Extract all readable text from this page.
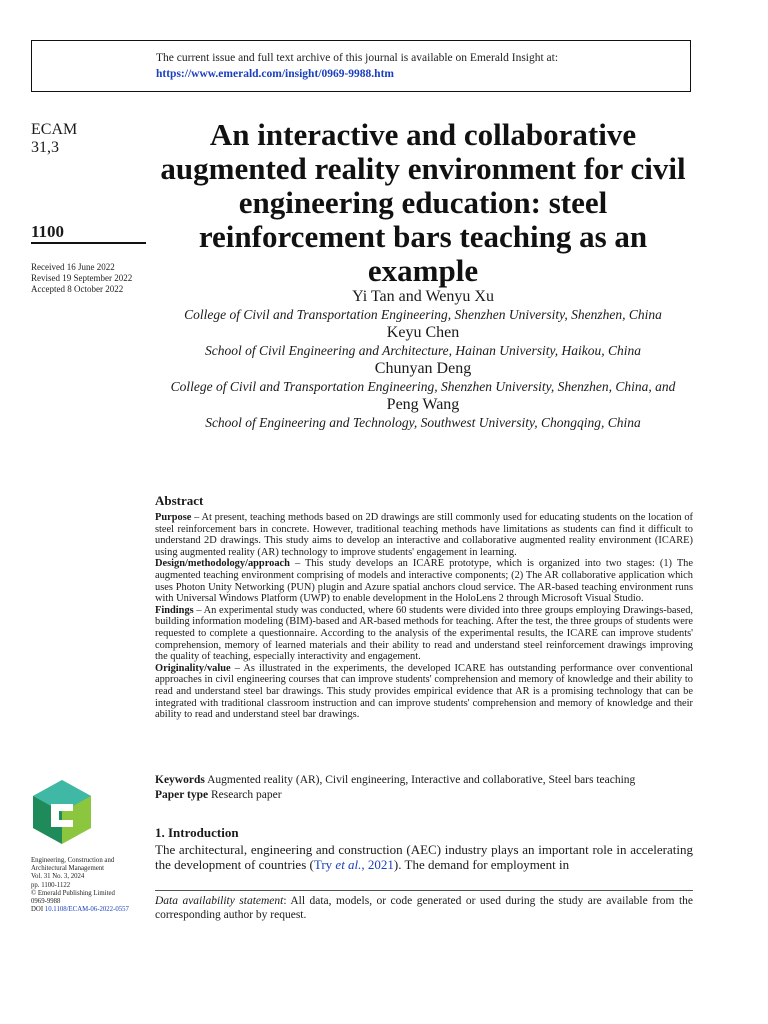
The current issue and full text archive of this journal is available on Emerald Insight at:
https://www.emerald.com/insight/0969-9988.htm
ECAM
31,3
1100
Received 16 June 2022
Revised 19 September 2022
Accepted 8 October 2022
Engineering, Construction and
Architectural Management
Vol. 31 No. 3, 2024
pp. 1100-1122
© Emerald Publishing Limited
0969-9988
DOI 10.1108/ECAM-06-2022-0557
An interactive and collaborative augmented reality environment for civil engineering education: steel reinforcement bars teaching as an example
Yi Tan and Wenyu Xu
College of Civil and Transportation Engineering, Shenzhen University, Shenzhen, China
Keyu Chen
School of Civil Engineering and Architecture, Hainan University, Haikou, China
Chunyan Deng
College of Civil and Transportation Engineering, Shenzhen University, Shenzhen, China, and
Peng Wang
School of Engineering and Technology, Southwest University, Chongqing, China
Abstract

Purpose – At present, teaching methods based on 2D drawings are still commonly used for educating students on the location of steel reinforcement bars in concrete. However, traditional teaching methods have limitations as students can find it difficult to understand 2D drawings. This study aims to develop an interactive and collaborative augmented reality environment (ICARE) using augmented reality (AR) technology to improve students' engagement in learning.

Design/methodology/approach – This study develops an ICARE prototype, which is organized into two stages: (1) The augmented teaching environment comprising of models and interactive components; (2) The AR collaborative application which uses Photon Unity Networking (PUN) plugin and Azure spatial anchors cloud service. The AR-based teaching environment runs with Universal Windows Platform (UWP) to enable development in the HoloLens 2 through Microsoft Visual Studio.

Findings – An experimental study was conducted, where 60 students were divided into three groups employing Drawings-based, building information modeling (BIM)-based and AR-based methods for teaching. After the test, the three groups of students were requested to complete a questionnaire. According to the analysis of the experimental results, the ICARE can improve students' comprehension, memory of learned materials and their ability to read and understand steel reinforcement drawings improving the quality of teaching, especially interactivity and engagement.

Originality/value – As illustrated in the experiments, the developed ICARE has outstanding performance over conventional approaches in civil engineering courses that can improve students' comprehension and memory of knowledge and their ability to read and understand steel bar drawings. This study provides empirical evidence that AR is a promising technology that can be integrated with traditional classroom instruction and can improve students' comprehension and memory of knowledge and their ability to read and understand steel bar drawings.

Keywords Augmented reality (AR), Civil engineering, Interactive and collaborative, Steel bars teaching
Paper type Research paper
1. Introduction

The architectural, engineering and construction (AEC) industry plays an important role in accelerating the development of countries (Try et al., 2021). The demand for employment in

Data availability statement: All data, models, or code generated or used during the study are available from the corresponding author by request.
